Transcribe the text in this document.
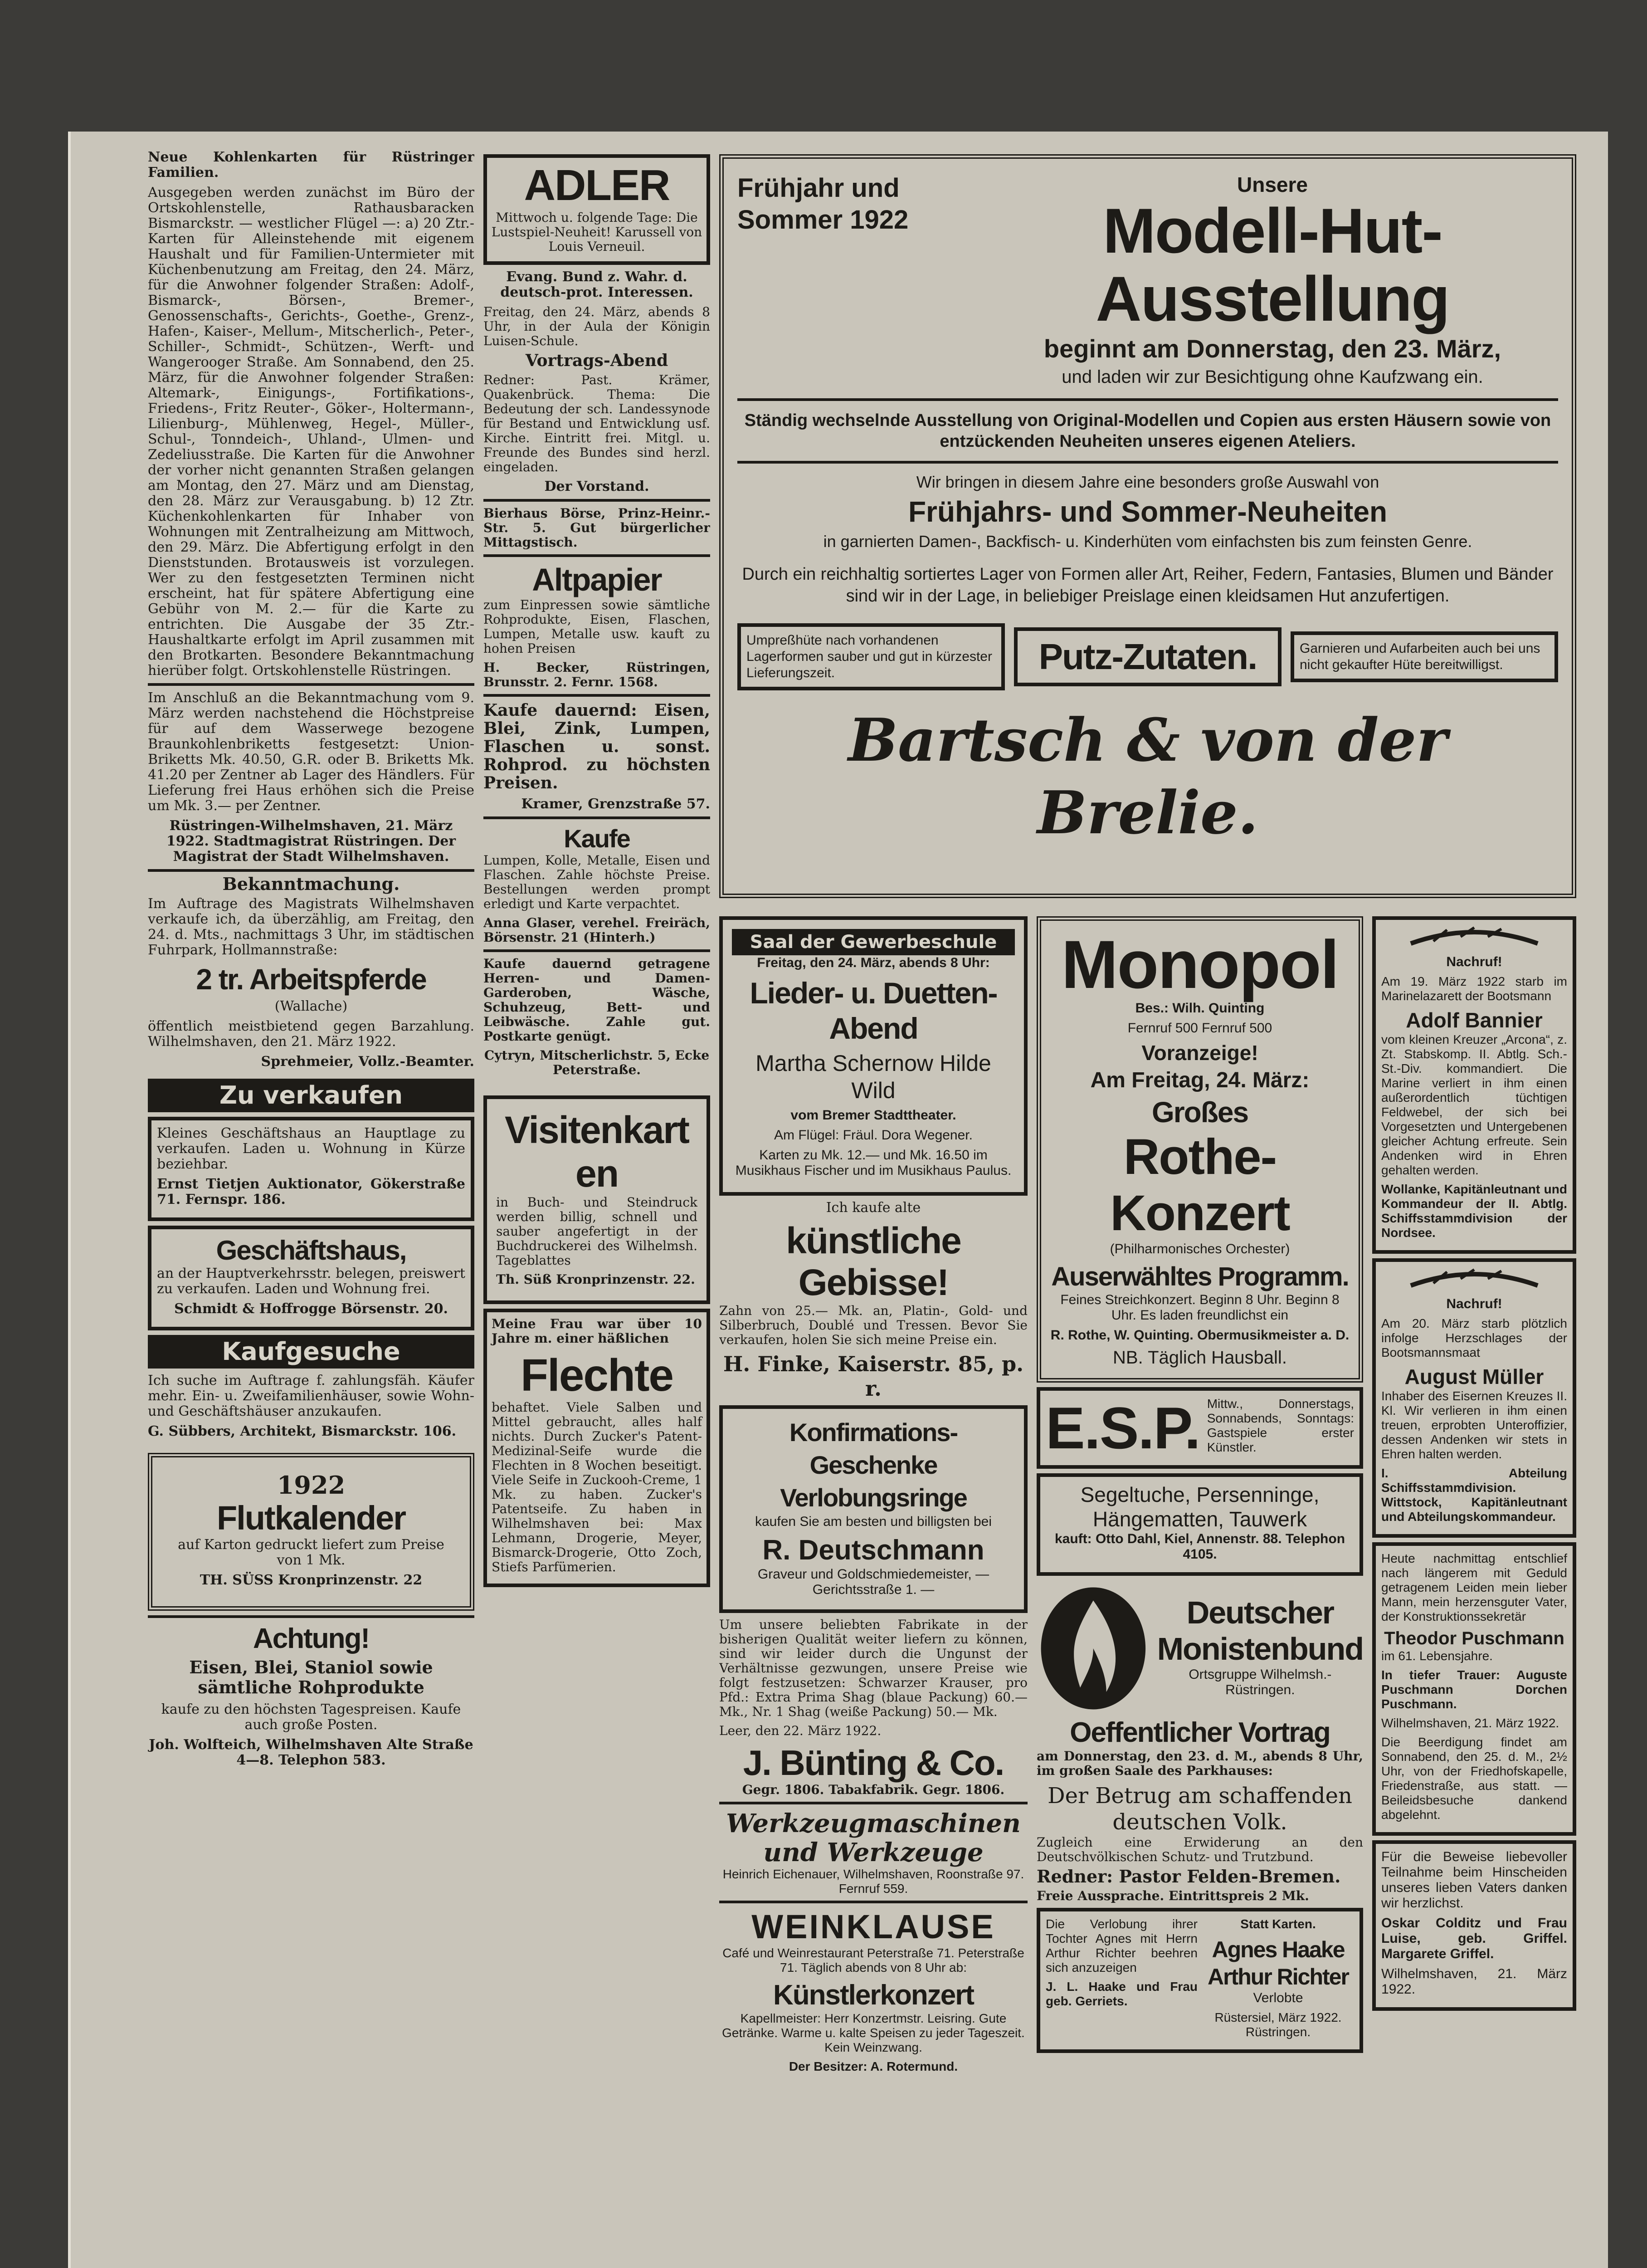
Neue Kohlenkarten für Rüstringer Familien.

Ausgegeben werden zunächst im Büro der Ortskohlenstelle, Rathausbaracken Bismarckstr. — westlicher Flügel —: a) 20 Ztr.-Karten für Alleinstehende mit eigenem Haushalt und für Familien-Untermieter mit Küchenbenutzung am Freitag, den 24. März, für die Anwohner folgender Straßen: Adolf-, Bismarck-, Börsen-, Bremer-, Genossenschafts-, Gerichts-, Goethe-, Grenz-, Hafen-, Kaiser-, Mellum-, Mitscherlich-, Peter-, Schiller-, Schmidt-, Schützen-, Werft- und Wangerooger Straße. Am Sonnabend, den 25. März, für die Anwohner folgender Straßen: Altemark-, Einigungs-, Fortifikations-, Friedens-, Fritz Reuter-, Göker-, Holtermann-, Lilienburg-, Mühlenweg, Hegel-, Müller-, Schul-, Tonndeich-, Uhland-, Ulmen- und Zedeliusstraße. Die Karten für die Anwohner der vorher nicht genannten Straßen gelangen am Montag, den 27. März und am Dienstag, den 28. März zur Verausgabung. b) 12 Ztr. Küchenkohlenkarten für Inhaber von Wohnungen mit Zentralheizung am Mittwoch, den 29. März. Die Abfertigung erfolgt in den Dienststunden. Brotausweis ist vorzulegen. Wer zu den festgesetzten Terminen nicht erscheint, hat für spätere Abfertigung eine Gebühr von M. 2.— für die Karte zu entrichten. Die Ausgabe der 35 Ztr.-Haushaltkarte erfolgt im April zusammen mit den Brotkarten. Besondere Bekanntmachung hierüber folgt. Ortskohlenstelle Rüstringen.

Im Anschluß an die Bekanntmachung vom 9. März werden nachstehend die Höchstpreise für auf dem Wasserwege bezogene Braunkohlenbriketts festgesetzt: Union-Briketts Mk. 40.50, G.R. oder B. Briketts Mk. 41.20 per Zentner ab Lager des Händlers. Für Lieferung frei Haus erhöhen sich die Preise um Mk. 3.— per Zentner.

Rüstringen-Wilhelmshaven, 21. März 1922. Stadtmagistrat Rüstringen. Der Magistrat der Stadt Wilhelmshaven.

Bekanntmachung.

Im Auftrage des Magistrats Wilhelmshaven verkaufe ich, da überzählig, am Freitag, den 24. d. Mts., nachmittags 3 Uhr, im städtischen Fuhrpark, Hollmannstraße:

2 tr. Arbeitspferde

(Wallache)

öffentlich meistbietend gegen Barzahlung. Wilhelmshaven, den 21. März 1922.

Sprehmeier, Vollz.-Beamter.

Zu verkaufen

Kleines Geschäftshaus an Hauptlage zu verkaufen. Laden u. Wohnung in Kürze beziehbar.

Ernst Tietjen Auktionator, Gökerstraße 71. Fernspr. 186.

Geschäftshaus,

an der Hauptverkehrsstr. belegen, preiswert zu verkaufen. Laden und Wohnung frei.

Schmidt & Hoffrogge Börsenstr. 20.

Kaufgesuche

Ich suche im Auftrage f. zahlungsfäh. Käufer mehr. Ein- u. Zweifamilienhäuser, sowie Wohn- und Geschäftshäuser anzukaufen.

G. Sübbers, Architekt, Bismarckstr. 106.

1922
Flutkalender

auf Karton gedruckt liefert zum Preise von 1 Mk.

TH. SÜSS Kronprinzenstr. 22

Achtung!

Eisen, Blei, Staniol sowie sämtliche Rohprodukte

kaufe zu den höchsten Tagespreisen. Kaufe auch große Posten.

Joh. Wolfteich, Wilhelmshaven Alte Straße 4—8. Telephon 583.

ADLER

Mittwoch u. folgende Tage: Die Lustspiel-Neuheit! Karussell von Louis Verneuil.

Evang. Bund z. Wahr. d. deutsch-prot. Interessen.

Freitag, den 24. März, abends 8 Uhr, in der Aula der Königin Luisen-Schule.

Vortrags-Abend

Redner: Past. Krämer, Quakenbrück. Thema: Die Bedeutung der sch. Landessynode für Bestand und Entwicklung usf. Kirche. Eintritt frei. Mitgl. u. Freunde des Bundes sind herzl. eingeladen.

Der Vorstand.

Bierhaus Börse, Prinz-Heinr.-Str. 5. Gut bürgerlicher Mittagstisch.

Altpapier

zum Einpressen sowie sämtliche Rohprodukte, Eisen, Flaschen, Lumpen, Metalle usw. kauft zu hohen Preisen

H. Becker, Rüstringen, Brunsstr. 2. Fernr. 1568.

Kaufe dauernd: Eisen, Blei, Zink, Lumpen, Flaschen u. sonst. Rohprod. zu höchsten Preisen.

Kramer, Grenzstraße 57.

Kaufe

Lumpen, Kolle, Metalle, Eisen und Flaschen. Zahle höchste Preise. Bestellungen werden prompt erledigt und Karte verpachtet.

Anna Glaser, verehel. Freiräch, Börsenstr. 21 (Hinterh.)

Kaufe dauernd getragene Herren- und Damen-Garderoben, Wäsche, Schuhzeug, Bett- und Leibwäsche. Zahle gut. Postkarte genügt.

Cytryn, Mitscherlichstr. 5, Ecke Peterstraße.

Visitenkarten

in Buch- und Steindruck werden billig, schnell und sauber angefertigt in der Buchdruckerei des Wilhelmsh. Tageblattes

Th. Süß Kronprinzenstr. 22.

Meine Frau war über 10 Jahre m. einer häßlichen

Flechte

behaftet. Viele Salben und Mittel gebraucht, alles half nichts. Durch Zucker's Patent-Medizinal-Seife wurde die Flechten in 8 Wochen beseitigt. Viele Seife in Zuckooh-Creme, 1 Mk. zu haben. Zucker's Patentseife. Zu haben in Wilhelmshaven bei: Max Lehmann, Drogerie, Meyer, Bismarck-Drogerie, Otto Zoch, Stiefs Parfümerien.

Frühjahr und Sommer 1922
Unsere
Modell-Hut-Ausstellung
beginnt am Donnerstag, den 23. März,
und laden wir zur Besichtigung ohne Kaufzwang ein.

Ständig wechselnde Ausstellung von Original-Modellen und Copien aus ersten Häusern sowie von entzückenden Neuheiten unseres eigenen Ateliers.

Wir bringen in diesem Jahre eine besonders große Auswahl von

Frühjahrs- und Sommer-Neuheiten

in garnierten Damen-, Backfisch- u. Kinderhüten vom einfachsten bis zum feinsten Genre.

Durch ein reichhaltig sortiertes Lager von Formen aller Art, Reiher, Federn, Fantasies, Blumen und Bänder sind wir in der Lage, in beliebiger Preislage einen kleidsamen Hut anzufertigen.

Umpreßhüte nach vorhandenen Lagerformen sauber und gut in kürzester Lieferungszeit.	Putz-Zutaten.	Garnieren und Aufarbeiten auch bei uns nicht gekaufter Hüte bereitwilligst.
Bartsch & von der Brelie.
Saal der Gewerbeschule

Freitag, den 24. März, abends 8 Uhr:

Lieder- u. Duetten-Abend

Martha Schernow Hilde Wild

vom Bremer Stadttheater.

Am Flügel: Fräul. Dora Wegener.

Karten zu Mk. 12.— und Mk. 16.50 im Musikhaus Fischer und im Musikhaus Paulus.

Ich kaufe alte

künstliche Gebisse!

Zahn von 25.— Mk. an, Platin-, Gold- und Silberbruch, Doublé und Tressen. Bevor Sie verkaufen, holen Sie sich meine Preise ein.

H. Finke, Kaiserstr. 85, p. r.

Konfirmations-Geschenke Verlobungsringe

kaufen Sie am besten und billigsten bei

R. Deutschmann

Graveur und Goldschmiedemeister, — Gerichtsstraße 1. —

Um unsere beliebten Fabrikate in der bisherigen Qualität weiter liefern zu können, sind wir leider durch die Ungunst der Verhältnisse gezwungen, unsere Preise wie folgt festzusetzen: Schwarzer Krauser, pro Pfd.: Extra Prima Shag (blaue Packung) 60.— Mk., Nr. 1 Shag (weiße Packung) 50.— Mk.

Leer, den 22. März 1922.

J. Bünting & Co.

Gegr. 1806. Tabakfabrik. Gegr. 1806.

Werkzeugmaschinen und Werkzeuge

Heinrich Eichenauer, Wilhelmshaven, Roonstraße 97. Fernruf 559.

WEINKLAUSE

Café und Weinrestaurant Peterstraße 71. Peterstraße 71. Täglich abends von 8 Uhr ab:

Künstlerkonzert

Kapellmeister: Herr Konzertmstr. Leisring. Gute Getränke. Warme u. kalte Speisen zu jeder Tageszeit. Kein Weinzwang.

Der Besitzer: A. Rotermund.

Monopol

Bes.: Wilh. Quinting

Fernruf 500 Fernruf 500

Voranzeige!

Am Freitag, 24. März:

Großes
Rothe-Konzert

(Philharmonisches Orchester)

Auserwähltes Programm.

Feines Streichkonzert. Beginn 8 Uhr. Beginn 8 Uhr. Es laden freundlichst ein

R. Rothe, W. Quinting. Obermusikmeister a. D.

NB. Täglich Hausball.

E.S.P. Mittw., Donnerstags, Sonnabends, Sonntags: Gastspiele erster Künstler.

Segeltuche, Persenninge, Hängematten, Tauwerk

kauft: Otto Dahl, Kiel, Annenstr. 88. Telephon 4105.

Deutscher Monistenbund

Ortsgruppe Wilhelmsh.-Rüstringen.

Oeffentlicher Vortrag

am Donnerstag, den 23. d. M., abends 8 Uhr, im großen Saale des Parkhauses:

Der Betrug am schaffenden deutschen Volk.

Zugleich eine Erwiderung an den Deutschvölkischen Schutz- und Trutzbund.

Redner: Pastor Felden-Bremen.

Freie Aussprache. Eintrittspreis 2 Mk.

Die Verlobung ihrer Tochter Agnes mit Herrn Arthur Richter beehren sich anzuzeigen

J. L. Haake und Frau geb. Gerriets.

Statt Karten.

Agnes Haake Arthur Richter

Verlobte

Rüstersiel, März 1922. Rüstringen.

Nachruf!

Am 19. März 1922 starb im Marinelazarett der Bootsmann

Adolf Bannier

vom kleinen Kreuzer „Arcona“, z. Zt. Stabskomp. II. Abtlg. Sch.-St.-Div. kommandiert. Die Marine verliert in ihm einen außerordentlich tüchtigen Feldwebel, der sich bei Vorgesetzten und Untergebenen gleicher Achtung erfreute. Sein Andenken wird in Ehren gehalten werden.

Wollanke, Kapitänleutnant und Kommandeur der II. Abtlg. Schiffsstammdivision der Nordsee.

Nachruf!

Am 20. März starb plötzlich infolge Herzschlages der Bootsmannsmaat

August Müller

Inhaber des Eisernen Kreuzes II. Kl. Wir verlieren in ihm einen treuen, erprobten Unteroffizier, dessen Andenken wir stets in Ehren halten werden.

I. Abteilung Schiffsstammdivision. Wittstock, Kapitänleutnant und Abteilungskommandeur.

Heute nachmittag entschlief nach längerem mit Geduld getragenem Leiden mein lieber Mann, mein herzensguter Vater, der Konstruktionssekretär

Theodor Puschmann

im 61. Lebensjahre.

In tiefer Trauer: Auguste Puschmann Dorchen Puschmann.

Wilhelmshaven, 21. März 1922.

Die Beerdigung findet am Sonnabend, den 25. d. M., 2½ Uhr, von der Friedhofskapelle, Friedenstraße, aus statt. — Beileidsbesuche dankend abgelehnt.

Für die Beweise liebevoller Teilnahme beim Hinscheiden unseres lieben Vaters danken wir herzlichst.

Oskar Colditz und Frau Luise, geb. Griffel. Margarete Griffel.

Wilhelmshaven, 21. März 1922.
